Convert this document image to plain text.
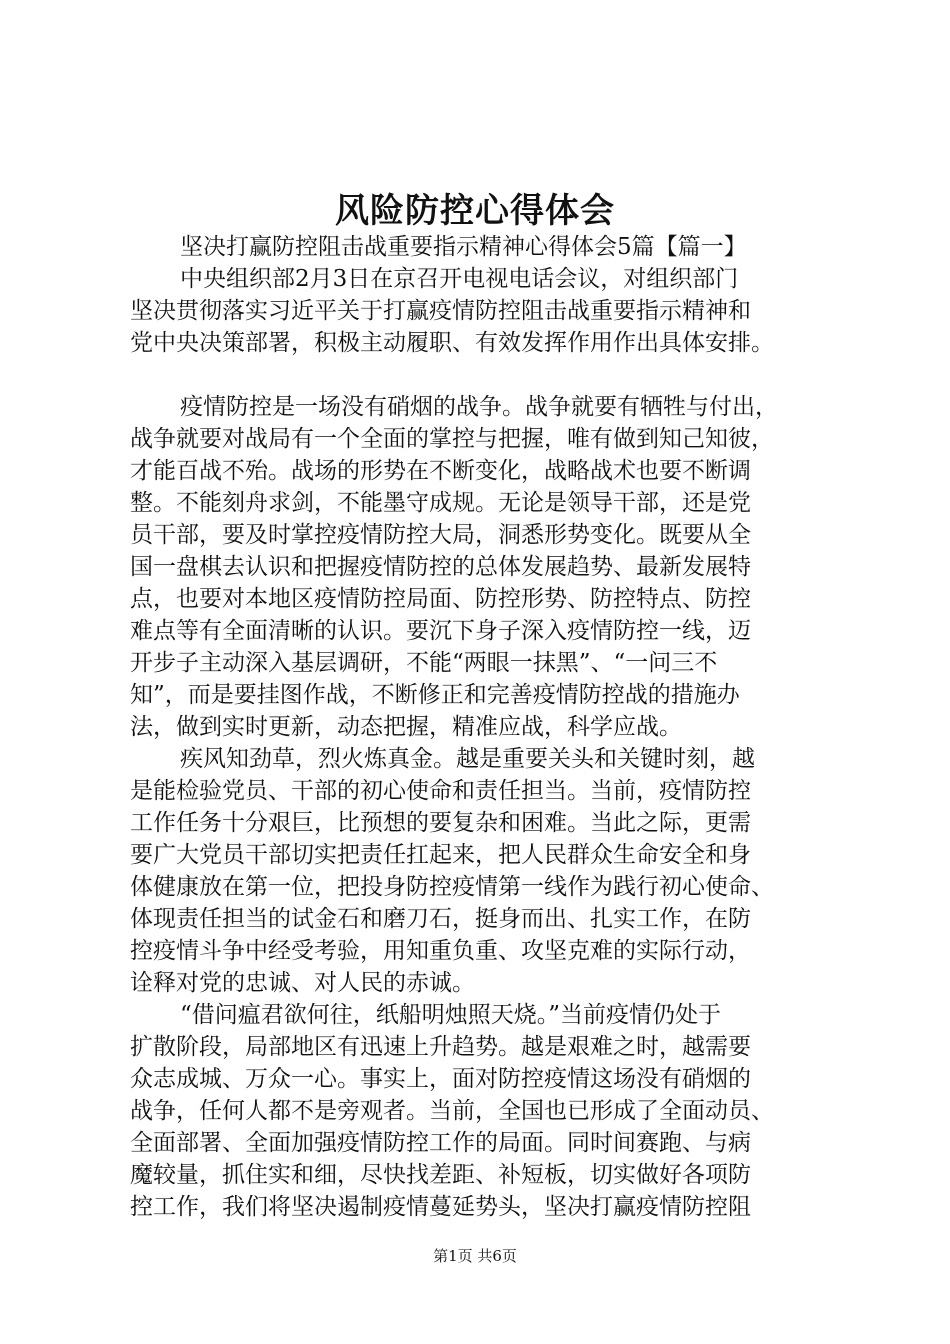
风险防控心得体会

坚决打赢防控阻击战重要指示精神心得体会5篇【篇一】

中央组织部2月3日在京召开电视电话会议，对组织部门

坚决贯彻落实习近平关于打赢疫情防控阻击战重要指示精神和

党中央决策部署，积极主动履职、有效发挥作用作出具体安排。

疫情防控是一场没有硝烟的战争。战争就要有牺牲与付出，

战争就要对战局有一个全面的掌控与把握，唯有做到知己知彼，

才能百战不殆。战场的形势在不断变化，战略战术也要不断调

整。不能刻舟求剑，不能墨守成规。无论是领导干部，还是党

员干部，要及时掌控疫情防控大局，洞悉形势变化。既要从全

国一盘棋去认识和把握疫情防控的总体发展趋势、最新发展特

点，也要对本地区疫情防控局面、防控形势、防控特点、防控

难点等有全面清晰的认识。要沉下身子深入疫情防控一线，迈

开步子主动深入基层调研，不能“两眼一抹黑”、“一问三不

知”，而是要挂图作战，不断修正和完善疫情防控战的措施办

法，做到实时更新，动态把握，精准应战，科学应战。

疾风知劲草，烈火炼真金。越是重要关头和关键时刻，越

是能检验党员、干部的初心使命和责任担当。当前，疫情防控

工作任务十分艰巨，比预想的要复杂和困难。当此之际，更需

要广大党员干部切实把责任扛起来，把人民群众生命安全和身

体健康放在第一位，把投身防控疫情第一线作为践行初心使命、

体现责任担当的试金石和磨刀石，挺身而出、扎实工作，在防

控疫情斗争中经受考验，用知重负重、攻坚克难的实际行动，

诠释对党的忠诚、对人民的赤诚。

“借问瘟君欲何往，纸船明烛照天烧。”当前疫情仍处于

扩散阶段，局部地区有迅速上升趋势。越是艰难之时，越需要

众志成城、万众一心。事实上，面对防控疫情这场没有硝烟的

战争，任何人都不是旁观者。当前，全国也已形成了全面动员、

全面部署、全面加强疫情防控工作的局面。同时间赛跑、与病

魔较量，抓住实和细，尽快找差距、补短板，切实做好各项防

控工作，我们将坚决遏制疫情蔓延势头，坚决打赢疫情防控阻

第1页 共6页
